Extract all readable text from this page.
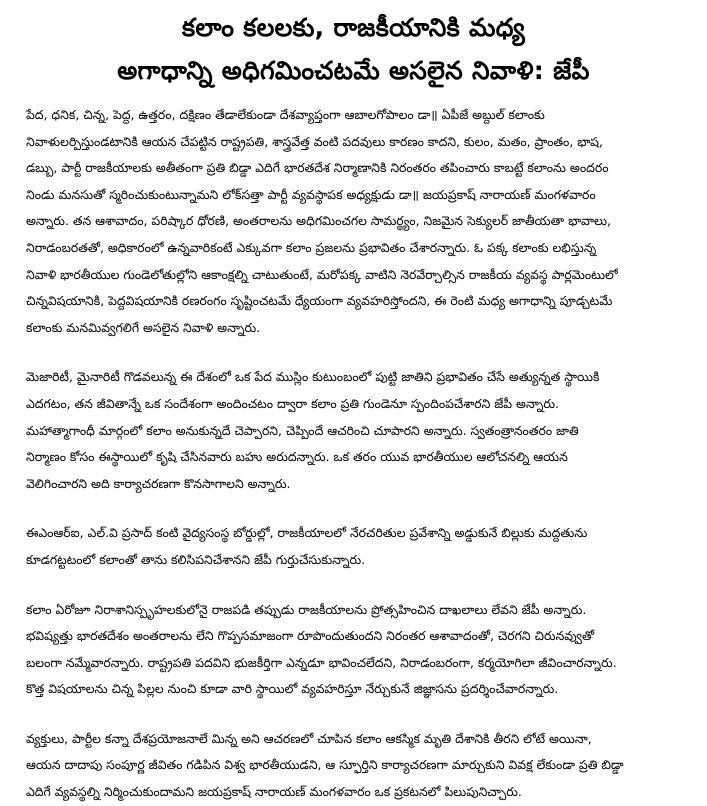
కలాం కలలకు, రాజకీయానికి మధ్య
అగాధాన్ని అధిగమించటమే అసలైన నివాళి: జేపీ

పేద, ధనిక, చిన్న, పెద్ద, ఉత్తరం, దక్షిణం తేడాలేకుండా దేశవ్యాప్తంగా ఆబాలగోపాలం డా॥ ఏపీజే అబ్దుల్ కలాంకు
నివాళులర్పిస్తుండటానికి ఆయన చేపట్టిన రాష్ట్రపతి, శాస్త్రవేత్త వంటి పదవులు కారణం కాదని, కులం, మతం, ప్రాంతం, భాష,
డబ్బు, పార్టీ రాజకీయాలకు అతీతంగా ప్రతి బిడ్డా ఎదిగే భారతదేశ నిర్మాణానికి నిరంతరం తపించారు కాబట్టే కలాంను అందరం
నిండు మనసుతో స్మరించుకుంటున్నామని లోక్‌సత్తా పార్టీ వ్యవస్థాపక అధ్యక్షుడు డా॥ జయప్రకాష్ నారాయణ్ మంగళవారం
అన్నారు. తన ఆశావాదం, పరిష్కార ధోరణి, అంతరాలను అధిగమించగల సామర్థ్యం, నిజమైన సెక్యులర్ జాతీయతా భావాలు,
నిరాడంబరతతో, అధికారంలో ఉన్నవారికంటే ఎక్కువగా కలాం ప్రజలను ప్రభావితం చేశారన్నారు. ఓ పక్క కలాంకు లభిస్తున్న
నివాళి భారతీయుల గుండెలోతుల్లోని ఆకాంక్షల్ని చాటుతుంటే, మరోపక్క వాటిని నెరవేర్చాల్సిన రాజకీయ వ్యవస్థ పార్లమెంటులో
చిన్నవిషయానికి, పెద్దవిషయానికి రణరంగం సృష్టించటమే ధ్యేయంగా వ్యవహరిస్తోందని, ఈ రెంటి మధ్య అగాధాన్ని పూడ్చటమే
కలాంకు మనమివ్వగలిగే అసలైన నివాళి అన్నారు.

మెజారిటీ, మైనారిటీ గొడవలున్న ఈ దేశంలో ఒక పేద ముస్లిం కుటుంబంలో పుట్టి జాతిని ప్రభావితం చేసే అత్యున్నత స్థాయికి
ఎదగటం, తన జీవితాన్నే ఒక సందేశంగా అందించటం ద్వారా కలాం ప్రతి గుండెనూ స్పందింపచేశారని జేపీ అన్నారు.
మహాత్మాగాంధీ మార్గంలో కలాం అనుకున్నదే చెప్పారని, చెప్పిందే ఆచరించి చూపారని అన్నారు. స్వతంత్రానంతరం జాతి
నిర్మాణం కోసం ఈస్థాయిలో కృషి చేసినవారు బహు అరుదన్నారు. ఒక తరం యువ భారతీయుల ఆలోచనల్ని ఆయన
వెలిగించారని అది కార్యాచరణగా కొనసాగాలని అన్నారు.

ఈఎంఆర్‌ఐ, ఎల్.వి ప్రసాద్ కంటి వైద్యసంస్థ బోర్డుల్లో, రాజకీయాలలో నేరచరితుల ప్రవేశాన్ని అడ్డుకునే బిల్లుకు మద్దతును
కూడగట్టటంలో కలాంతో తాను కలిసిపనిచేశానని జేపీ గుర్తుచేసుకున్నారు.

కలాం ఏరోజూ నిరాశానిస్పృహలకులోనై రాజపడి తప్పుడు రాజకీయాలను ప్రోత్సహించిన దాఖలాలు లేవని జేపీ అన్నారు.
భవిష్యత్తు భారతదేశం అంతరాలను లేని గొప్పసమాజంగా రూపొందుతుందని నిరంతర ఆశావాదంతో, చెరగని చిరునవ్వుతో
బలంగా నమ్మేవారన్నారు. రాష్ట్రపతి పదవిని భుజకీర్తిగా ఎన్నడూ భావించలేదని, నిరాడంబరంగా, కర్మయోగిలా జీవించారన్నారు.
కొత్త విషయాలను చిన్న పిల్లల నుంచి కూడా వారి స్థాయిలో వ్యవహరిస్తూ నేర్చుకునే జిజ్ఞాసను ప్రదర్శించేవారన్నారు.

వ్యక్తులు, పార్టీల కన్నా దేశప్రయోజనాలే మిన్న అని ఆచరణలో చూపిన కలాం ఆకస్మిక మృతి దేశానికి తీరని లోటే అయినా,
ఆయన దాదాపు సంపూర్ణ జీవితం గడిపిన విశ్వ భారతీయుడని, ఆ స్ఫూర్తిని కార్యాచరణగా మార్చుకుని వివక్ష లేకుండా ప్రతి బిడ్డా
ఎదిగే వ్యవస్థల్ని నిర్మించుకుందామని జయప్రకాష్ నారాయణ్ మంగళవారం ఒక ప్రకటనలో పిలుపునిచ్చారు.
